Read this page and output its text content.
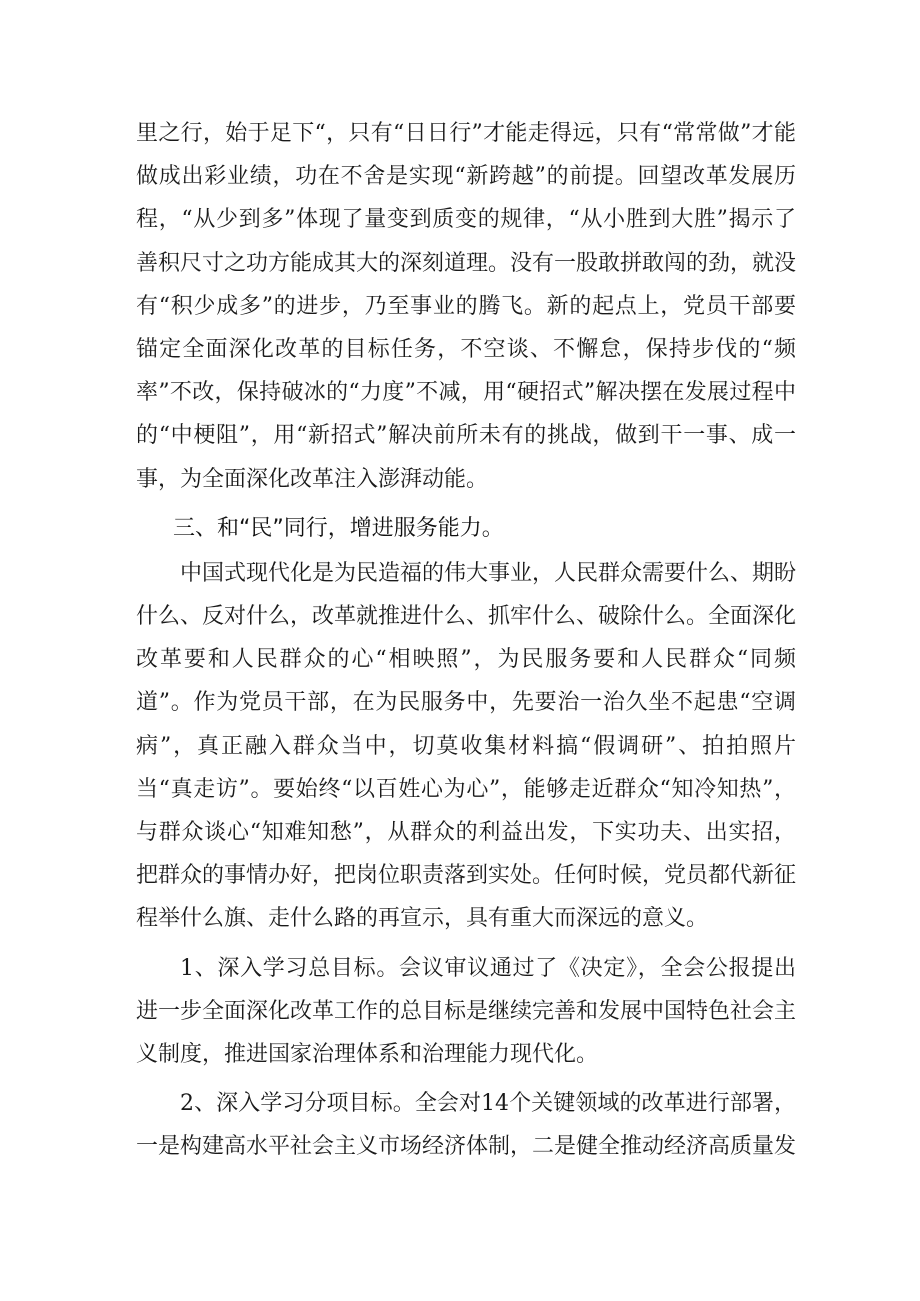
里之行，始于足下“，只有“日日行”才能走得远，只有“常常做”才能做成出彩业绩，功在不舍是实现“新跨越”的前提。回望改革发展历程，“从少到多”体现了量变到质变的规律，“从小胜到大胜”揭示了善积尺寸之功方能成其大的深刻道理。没有一股敢拼敢闯的劲，就没有“积少成多”的进步，乃至事业的腾飞。新的起点上，党员干部要锚定全面深化改革的目标任务，不空谈、不懈怠，保持步伐的“频率”不改，保持破冰的“力度”不减，用“硬招式”解决摆在发展过程中的“中梗阻”，用“新招式”解决前所未有的挑战，做到干一事、成一事，为全面深化改革注入澎湃动能。

三、和“民”同行，增进服务能力。

中国式现代化是为民造福的伟大事业，人民群众需要什么、期盼什么、反对什么，改革就推进什么、抓牢什么、破除什么。全面深化改革要和人民群众的心“相映照”，为民服务要和人民群众“同频道”。作为党员干部，在为民服务中，先要治一治久坐不起患“空调病”，真正融入群众当中，切莫收集材料搞“假调研”、拍拍照片当“真走访”。要始终“以百姓心为心”，能够走近群众“知冷知热”，与群众谈心“知难知愁”，从群众的利益出发，下实功夫、出实招，把群众的事情办好，把岗位职责落到实处。任何时候，党员都代新征程举什么旗、走什么路的再宣示，具有重大而深远的意义。

1、深入学习总目标。会议审议通过了《决定》，全会公报提出进一步全面深化改革工作的总目标是继续完善和发展中国特色社会主义制度，推进国家治理体系和治理能力现代化。

2、深入学习分项目标。全会对14个关键领域的改革进行部署，一是构建高水平社会主义市场经济体制，二是健全推动经济高质量发
